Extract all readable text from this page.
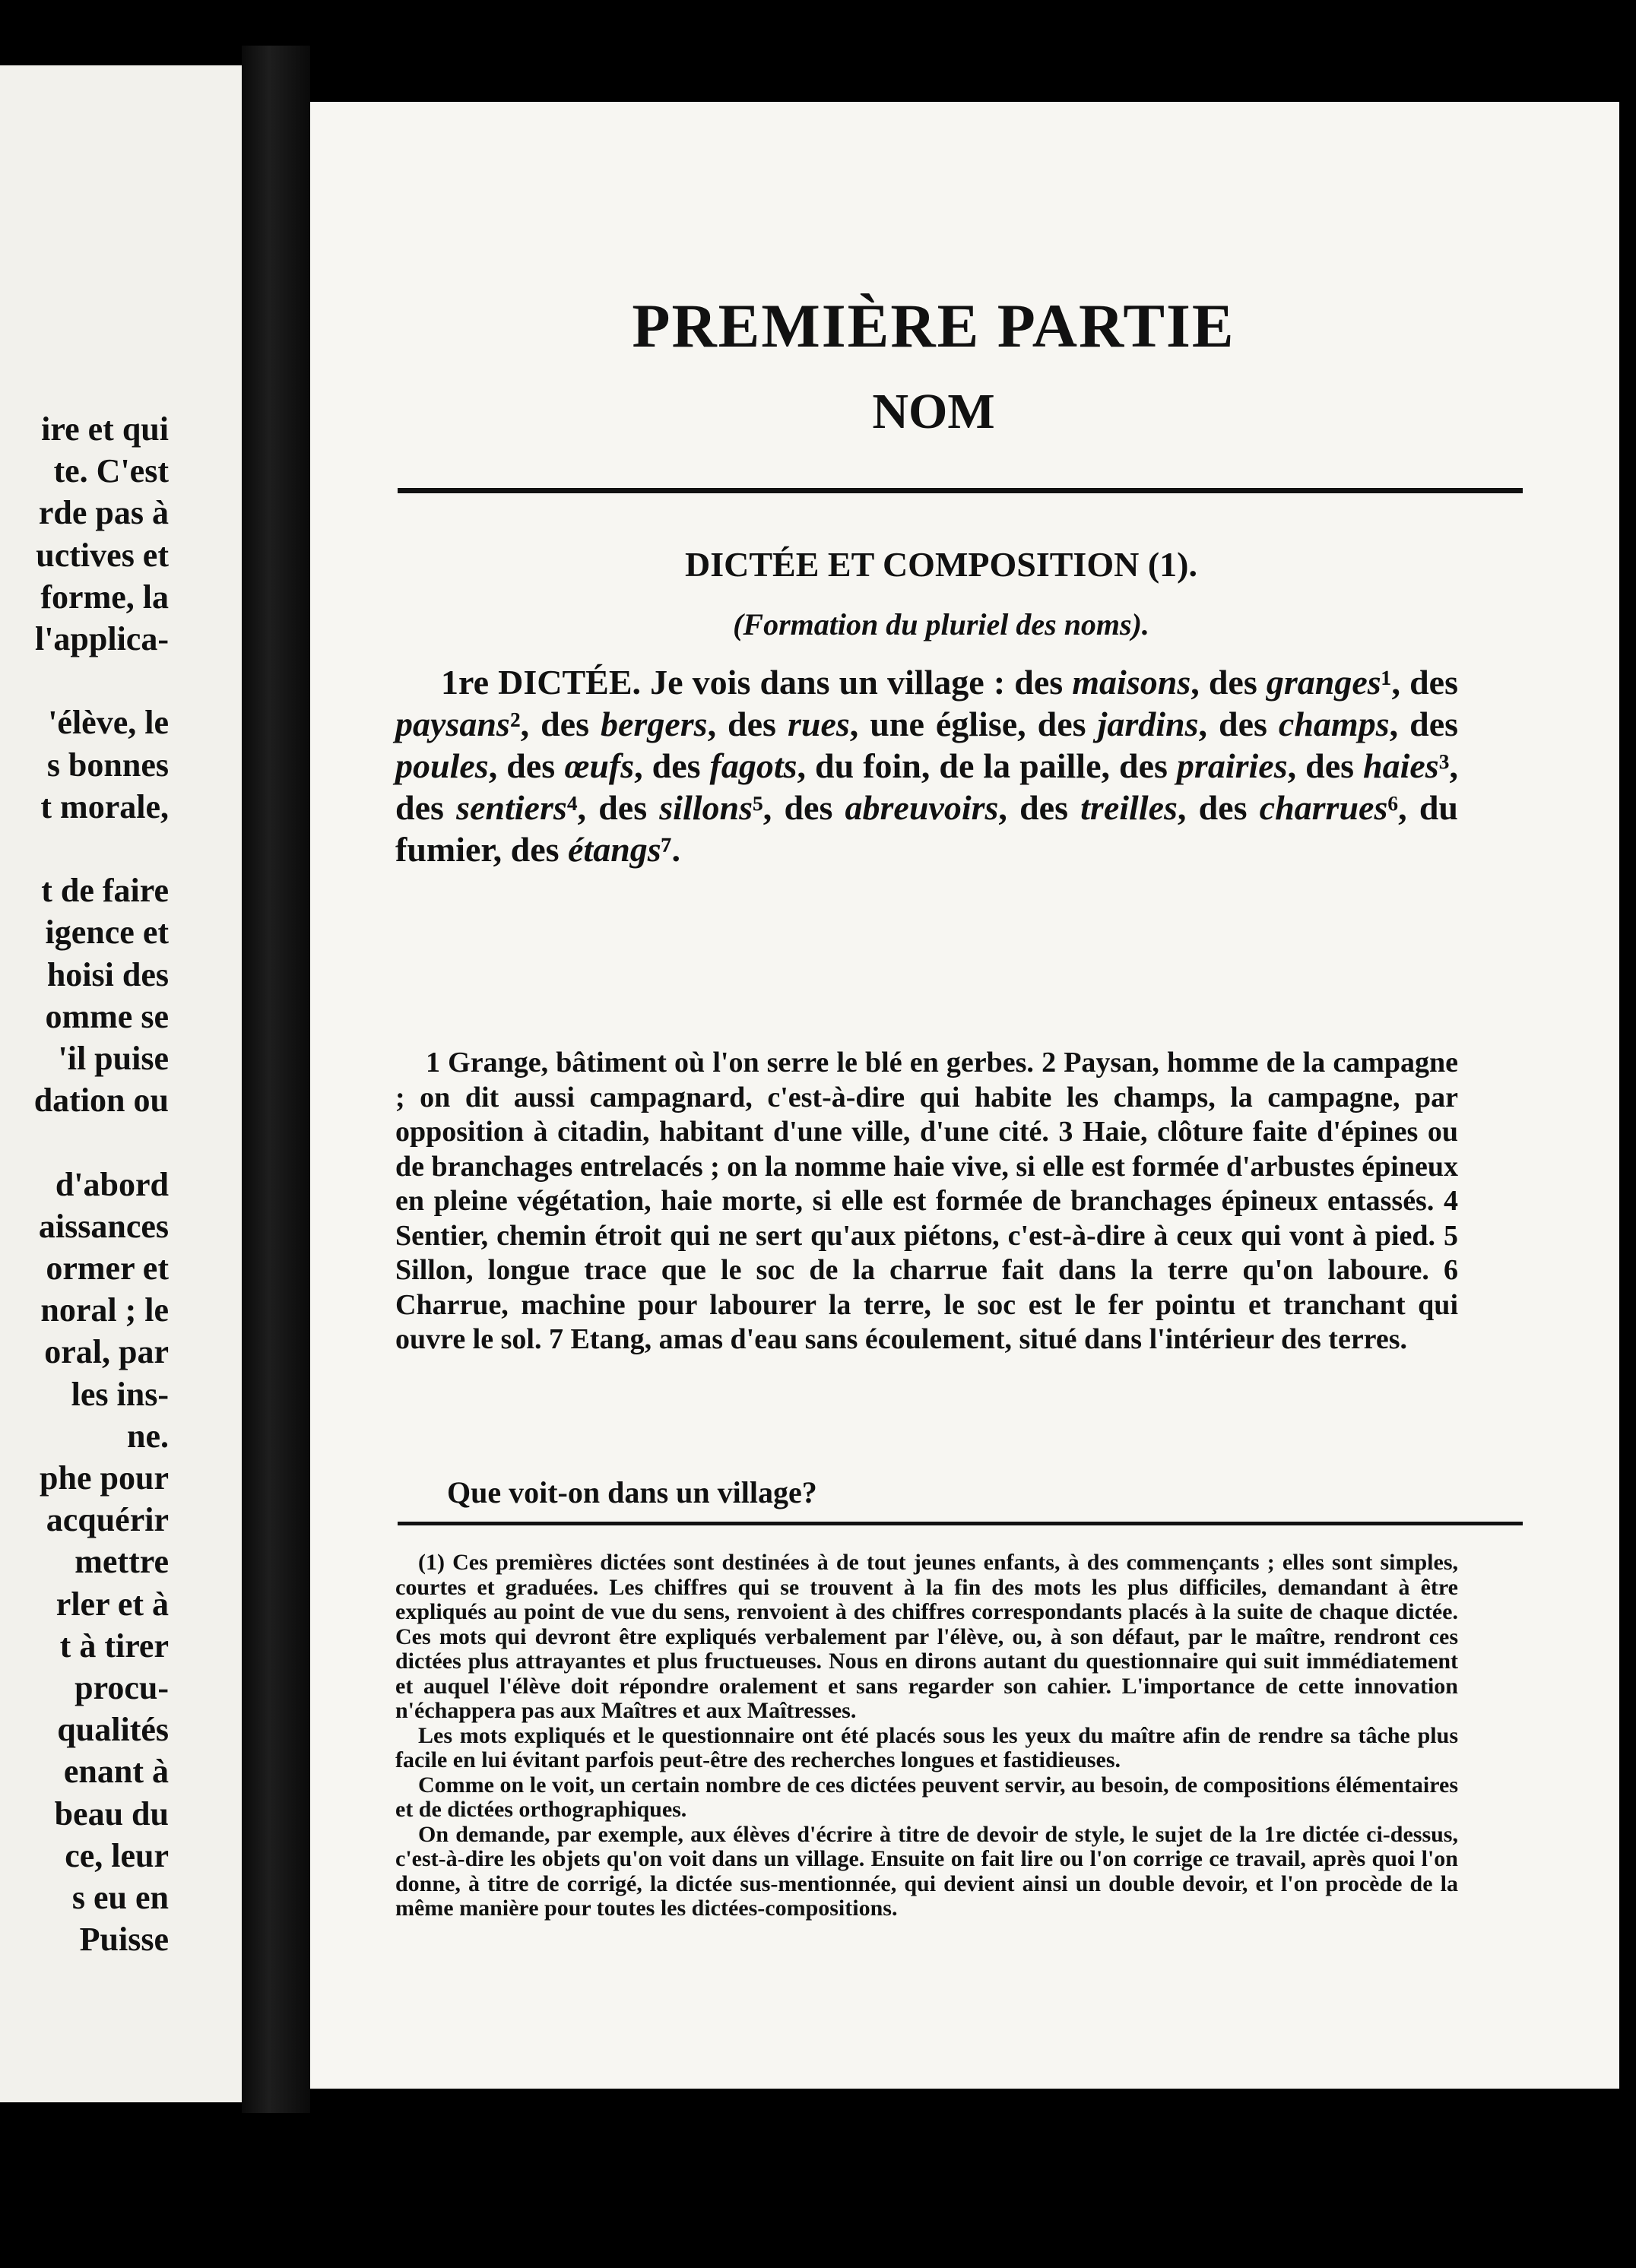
ire et qui
te. C'est
rde pas à
uctives et
forme, la
l'applica-
'élève, le
s bonnes
t morale,
t de faire
igence et
hoisi des
omme se
'il puise
dation ou
d'abord
aissances
ormer et
noral ; le
oral, par
les ins-
ne.
phe pour
acquérir
mettre
rler et à
t à tirer
procu-
qualités
enant à
beau du
ce, leur
s eu en
Puisse
PREMIÈRE PARTIE
NOM
DICTÉE ET COMPOSITION (1).
(Formation du pluriel des noms).
1re DICTÉE. Je vois dans un village : des maisons, des granges¹, des paysans², des bergers, des rues, une église, des jardins, des champs, des poules, des œufs, des fagots, du foin, de la paille, des prairies, des haies³, des sentiers⁴, des sillons⁵, des abreuvoirs, des treilles, des charrues⁶, du fumier, des étangs⁷.
1 Grange, bâtiment où l'on serre le blé en gerbes. 2 Paysan, homme de la campagne ; on dit aussi campagnard, c'est-à-dire qui habite les champs, la campagne, par opposition à citadin, habitant d'une ville, d'une cité. 3 Haie, clôture faite d'épines ou de branchages entrelacés ; on la nomme haie vive, si elle est formée d'arbustes épineux en pleine végétation, haie morte, si elle est formée de branchages épineux entassés. 4 Sentier, chemin étroit qui ne sert qu'aux piétons, c'est-à-dire à ceux qui vont à pied. 5 Sillon, longue trace que le soc de la charrue fait dans la terre qu'on laboure. 6 Charrue, machine pour labourer la terre, le soc est le fer pointu et tranchant qui ouvre le sol. 7 Etang, amas d'eau sans écoulement, situé dans l'intérieur des terres.
Que voit-on dans un village?

(1) Ces premières dictées sont destinées à de tout jeunes enfants, à des commençants ; elles sont simples, courtes et graduées. Les chiffres qui se trouvent à la fin des mots les plus difficiles, demandant à être expliqués au point de vue du sens, renvoient à des chiffres correspondants placés à la suite de chaque dictée. Ces mots qui devront être expliqués verbalement par l'élève, ou, à son défaut, par le maître, rendront ces dictées plus attrayantes et plus fructueuses. Nous en dirons autant du questionnaire qui suit immédiatement et auquel l'élève doit répondre oralement et sans regarder son cahier. L'importance de cette innovation n'échappera pas aux Maîtres et aux Maîtresses.

Les mots expliqués et le questionnaire ont été placés sous les yeux du maître afin de rendre sa tâche plus facile en lui évitant parfois peut-être des recherches longues et fastidieuses.

Comme on le voit, un certain nombre de ces dictées peuvent servir, au besoin, de compositions élémentaires et de dictées orthographiques.

On demande, par exemple, aux élèves d'écrire à titre de devoir de style, le sujet de la 1re dictée ci-dessus, c'est-à-dire les objets qu'on voit dans un village. Ensuite on fait lire ou l'on corrige ce travail, après quoi l'on donne, à titre de corrigé, la dictée sus-mentionnée, qui devient ainsi un double devoir, et l'on procède de la même manière pour toutes les dictées-compositions.
